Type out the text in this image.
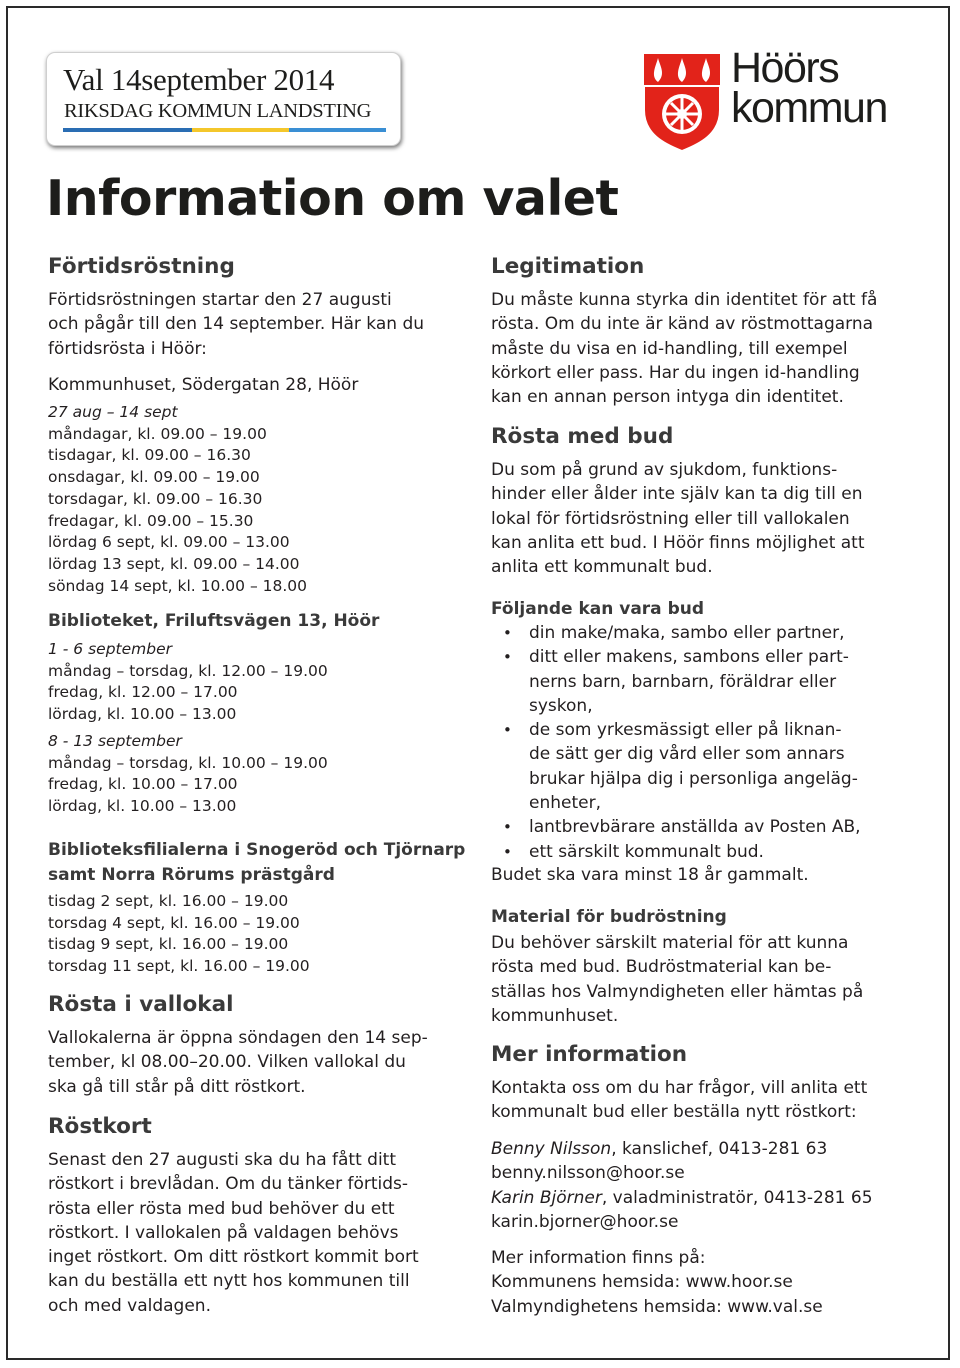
Val 14september 2014
RIKSDAG KOMMUN LANDSTING
Höörs
kommun
Information om valet
Förtidsröstning
Förtidsröstningen startar den 27 augusti
och pågår till den 14 september. Här kan du
förtidsrösta i Höör:
Kommunhuset, Södergatan 28, Höör
27 aug – 14 sept
måndagar, kl. 09.00 – 19.00
tisdagar, kl. 09.00 – 16.30
onsdagar, kl. 09.00 – 19.00
torsdagar, kl. 09.00 – 16.30
fredagar, kl. 09.00 – 15.30
lördag 6 sept, kl. 09.00 – 13.00
lördag 13 sept, kl. 09.00 – 14.00
söndag 14 sept, kl. 10.00 – 18.00
Biblioteket, Friluftsvägen 13, Höör
1 - 6 september
måndag – torsdag, kl. 12.00 – 19.00
fredag, kl. 12.00 – 17.00
lördag, kl. 10.00 – 13.00
8 - 13 september
måndag – torsdag, kl. 10.00 – 19.00
fredag, kl. 10.00 – 17.00
lördag, kl. 10.00 – 13.00
Biblioteksfilialerna i Snogeröd och Tjörnarp
samt Norra Rörums prästgård
tisdag 2 sept, kl. 16.00 – 19.00
torsdag 4 sept, kl. 16.00 – 19.00
tisdag 9 sept, kl. 16.00 – 19.00
torsdag 11 sept, kl. 16.00 – 19.00
Rösta i vallokal
Vallokalerna är öppna söndagen den 14 sep-
tember, kl 08.00–20.00. Vilken vallokal du
ska gå till står på ditt röstkort.
Röstkort
Senast den 27 augusti ska du ha fått ditt
röstkort i brevlådan. Om du tänker förtids-
rösta eller rösta med bud behöver du ett
röstkort. I vallokalen på valdagen behövs
inget röstkort. Om ditt röstkort kommit bort
kan du beställa ett nytt hos kommunen till
och med valdagen.
Legitimation
Du måste kunna styrka din identitet för att få
rösta. Om du inte är känd av röstmottagarna
måste du visa en id-handling, till exempel
körkort eller pass. Har du ingen id-handling
kan en annan person intyga din identitet.
Rösta med bud
Du som på grund av sjukdom, funktions-
hinder eller ålder inte själv kan ta dig till en
lokal för förtidsröstning eller till vallokalen
kan anlita ett bud. I Höör finns möjlighet att
anlita ett kommunalt bud.
Följande kan vara bud
• din make/maka, sambo eller partner,
• ditt eller makens, sambons eller part-
nerns barn, barnbarn, föräldrar eller
syskon,
• de som yrkesmässigt eller på liknan-
de sätt ger dig vård eller som annars
brukar hjälpa dig i personliga angeläg-
enheter,
• lantbrevbärare anställda av Posten AB,
• ett särskilt kommunalt bud.
Budet ska vara minst 18 år gammalt.
Material för budröstning
Du behöver särskilt material för att kunna
rösta med bud. Budröstmaterial kan be-
ställas hos Valmyndigheten eller hämtas på
kommunhuset.
Mer information
Kontakta oss om du har frågor, vill anlita ett
kommunalt bud eller beställa nytt röstkort:
Benny Nilsson, kanslichef, 0413-281 63
benny.nilsson@hoor.se
Karin Björner, valadministratör, 0413-281 65
karin.bjorner@hoor.se
Mer information finns på:
Kommunens hemsida: www.hoor.se
Valmyndighetens hemsida: www.val.se
